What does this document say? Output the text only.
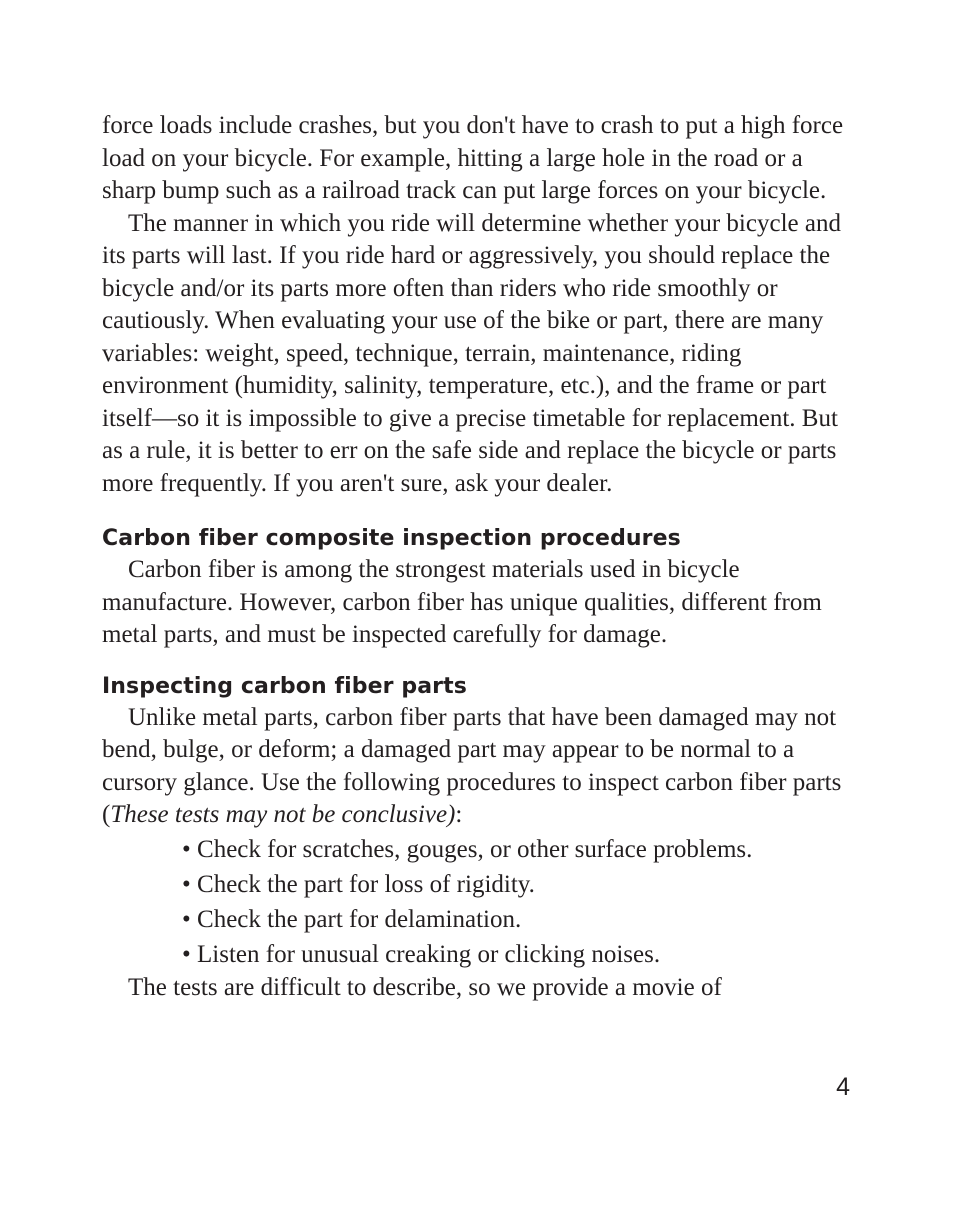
force loads include crashes, but you don't have to crash to put a high force load on your bicycle. For example, hitting a large hole in the road or a sharp bump such as a railroad track can put large forces on your bicycle.

The manner in which you ride will determine whether your bicycle and its parts will last. If you ride hard or aggressively, you should replace the bicycle and/or its parts more often than riders who ride smoothly or cautiously. When evaluating your use of the bike or part, there are many variables: weight, speed, technique, terrain, maintenance, riding environment (humidity, salinity, temperature, etc.), and the frame or part itself—so it is impossible to give a precise timetable for replacement. But as a rule, it is better to err on the safe side and replace the bicycle or parts more frequently. If you aren't sure, ask your dealer.

Carbon fiber composite inspection procedures

Carbon fiber is among the strongest materials used in bicycle manufacture. However, carbon fiber has unique qualities, different from metal parts, and must be inspected carefully for damage.

Inspecting carbon fiber parts

Unlike metal parts, carbon fiber parts that have been damaged may not bend, bulge, or deform; a damaged part may appear to be normal to a cursory glance. Use the following procedures to inspect carbon fiber parts (These tests may not be conclusive):

• Check for scratches, gouges, or other surface problems.
• Check the part for loss of rigidity.
• Check the part for delamination.
• Listen for unusual creaking or clicking noises.

The tests are difficult to describe, so we provide a movie of

4
